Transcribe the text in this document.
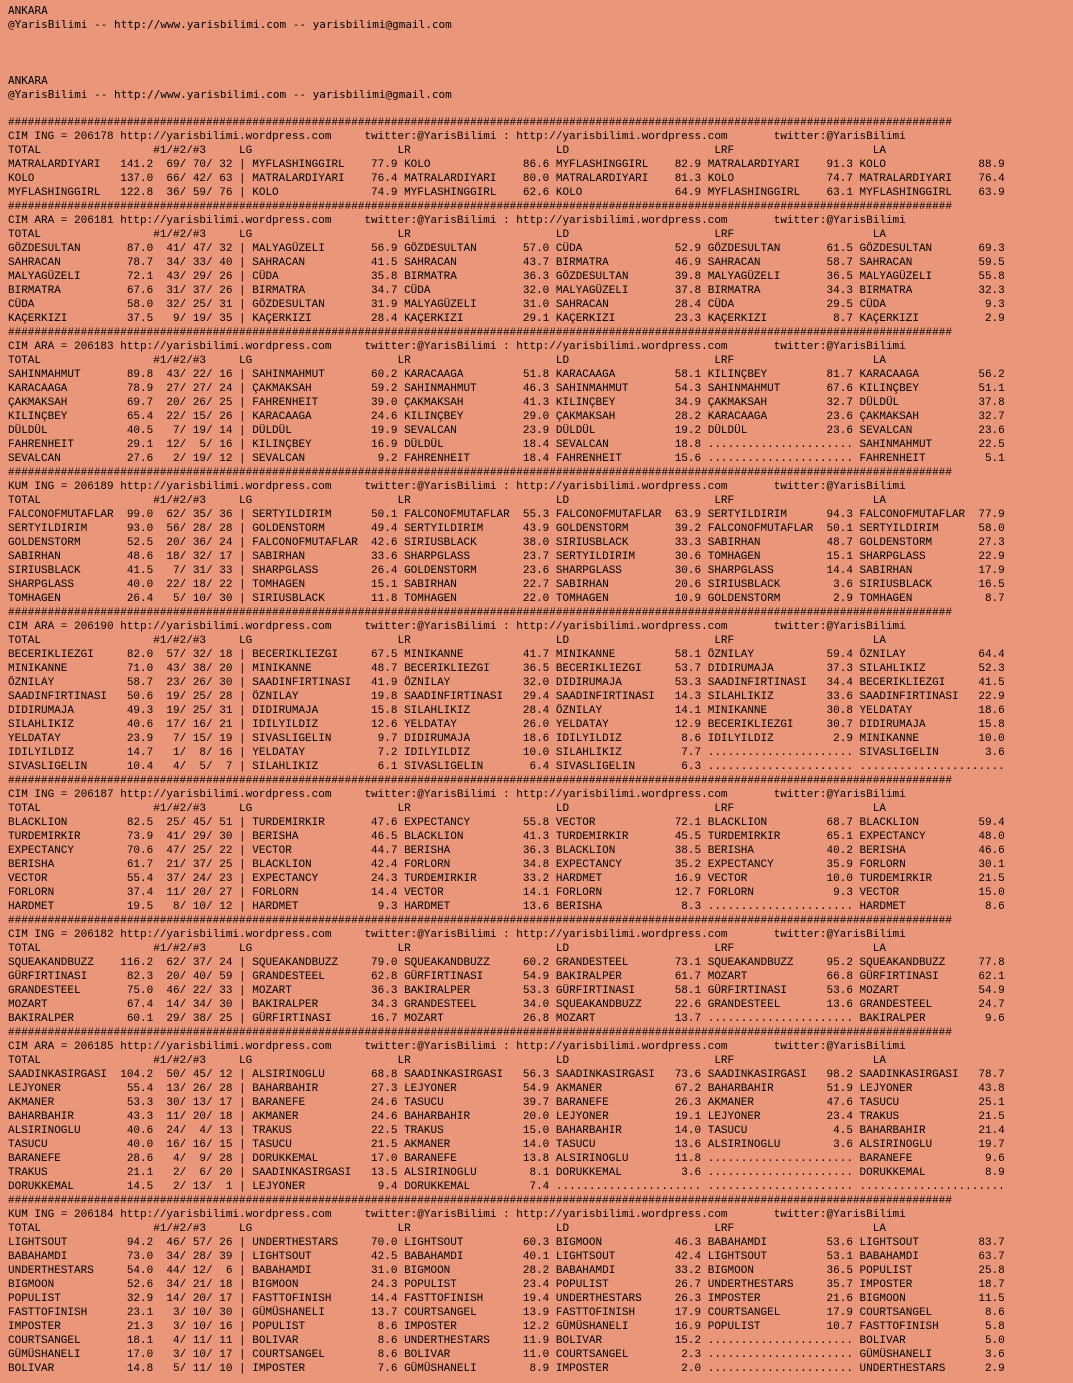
ANKARA
@YarisBilimi -- http://www.yarisbilimi.com -- yarisbilimi@gmail.com
ANKARA
@YarisBilimi -- http://www.yarisbilimi.com -- yarisbilimi@gmail.com
###############################################################################################################################################
CIM ING = 206178 http://yarisbilimi.wordpress.com     twitter:@YarisBilimi : http://yarisbilimi.wordpress.com       twitter:@YarisBilimi
TOTAL                 #1/#2/#3     LG                      LR                      LD                      LRF                     LA
MATRALARDIYARI   141.2  69/ 70/ 32 | MYFLASHINGGIRL    77.9 KOLO              86.6 MYFLASHINGGIRL    82.9 MATRALARDIYARI    91.3 KOLO              88.9
KOLO             137.0  66/ 42/ 63 | MATRALARDIYARI    76.4 MATRALARDIYARI    80.0 MATRALARDIYARI    81.3 KOLO              74.7 MATRALARDIYARI    76.4
MYFLASHINGGIRL   122.8  36/ 59/ 76 | KOLO              74.9 MYFLASHINGGIRL    62.6 KOLO              64.9 MYFLASHINGGIRL    63.1 MYFLASHINGGIRL    63.9
###############################################################################################################################################
CIM ARA = 206181 http://yarisbilimi.wordpress.com     twitter:@YarisBilimi : http://yarisbilimi.wordpress.com       twitter:@YarisBilimi
TOTAL                 #1/#2/#3     LG                      LR                      LD                      LRF                     LA
GÖZDESULTAN       87.0  41/ 47/ 32 | MALYAGÜZELI       56.9 GÖZDESULTAN       57.0 CÜDA              52.9 GÖZDESULTAN       61.5 GÖZDESULTAN       69.3
SAHRACAN          78.7  34/ 33/ 40 | SAHRACAN          41.5 SAHRACAN          43.7 BIRMATRA          46.9 SAHRACAN          58.7 SAHRACAN          59.5
MALYAGÜZELI       72.1  43/ 29/ 26 | CÜDA              35.8 BIRMATRA          36.3 GÖZDESULTAN       39.8 MALYAGÜZELI       36.5 MALYAGÜZELI       55.8
BIRMATRA          67.6  31/ 37/ 26 | BIRMATRA          34.7 CÜDA              32.0 MALYAGÜZELI       37.8 BIRMATRA          34.3 BIRMATRA          32.3
CÜDA              58.0  32/ 25/ 31 | GÖZDESULTAN       31.9 MALYAGÜZELI       31.0 SAHRACAN          28.4 CÜDA              29.5 CÜDA               9.3
KAÇERKIZI         37.5   9/ 19/ 35 | KAÇERKIZI         28.4 KAÇERKIZI         29.1 KAÇERKIZI         23.3 KAÇERKIZI          8.7 KAÇERKIZI          2.9
###############################################################################################################################################
CIM ARA = 206183 http://yarisbilimi.wordpress.com     twitter:@YarisBilimi : http://yarisbilimi.wordpress.com       twitter:@YarisBilimi
TOTAL                 #1/#2/#3     LG                      LR                      LD                      LRF                     LA
SAHINMAHMUT       89.8  43/ 22/ 16 | SAHINMAHMUT       60.2 KARACAAGA         51.8 KARACAAGA         58.1 KILINÇBEY         81.7 KARACAAGA         56.2
KARACAAGA         78.9  27/ 27/ 24 | ÇAKMAKSAH         59.2 SAHINMAHMUT       46.3 SAHINMAHMUT       54.3 SAHINMAHMUT       67.6 KILINÇBEY         51.1
ÇAKMAKSAH         69.7  20/ 26/ 25 | FAHRENHEIT        39.0 ÇAKMAKSAH         41.3 KILINÇBEY         34.9 ÇAKMAKSAH         32.7 DÜLDÜL            37.8
KILINÇBEY         65.4  22/ 15/ 26 | KARACAAGA         24.6 KILINÇBEY         29.0 ÇAKMAKSAH         28.2 KARACAAGA         23.6 ÇAKMAKSAH         32.7
DÜLDÜL            40.5   7/ 19/ 14 | DÜLDÜL            19.9 SEVALCAN          23.9 DÜLDÜL            19.2 DÜLDÜL            23.6 SEVALCAN          23.6
FAHRENHEIT        29.1  12/  5/ 16 | KILINÇBEY         16.9 DÜLDÜL            18.4 SEVALCAN          18.8 ...................... SAHINMAHMUT       22.5
SEVALCAN          27.6   2/ 19/ 12 | SEVALCAN           9.2 FAHRENHEIT        18.4 FAHRENHEIT        15.6 ...................... FAHRENHEIT         5.1
###############################################################################################################################################
KUM ING = 206189 http://yarisbilimi.wordpress.com     twitter:@YarisBilimi : http://yarisbilimi.wordpress.com       twitter:@YarisBilimi
TOTAL                 #1/#2/#3     LG                      LR                      LD                      LRF                     LA
FALCONOFMUTAFLAR  99.0  62/ 35/ 36 | SERTYILDIRIM      50.1 FALCONOFMUTAFLAR  55.3 FALCONOFMUTAFLAR  63.9 SERTYILDIRIM      94.3 FALCONOFMUTAFLAR  77.9
SERTYILDIRIM      93.0  56/ 28/ 28 | GOLDENSTORM       49.4 SERTYILDIRIM      43.9 GOLDENSTORM       39.2 FALCONOFMUTAFLAR  50.1 SERTYILDIRIM      58.0
GOLDENSTORM       52.5  20/ 36/ 24 | FALCONOFMUTAFLAR  42.6 SIRIUSBLACK       38.0 SIRIUSBLACK       33.3 SABIRHAN          48.7 GOLDENSTORM       27.3
SABIRHAN          48.6  18/ 32/ 17 | SABIRHAN          33.6 SHARPGLASS        23.7 SERTYILDIRIM      30.6 TOMHAGEN          15.1 SHARPGLASS        22.9
SIRIUSBLACK       41.5   7/ 31/ 33 | SHARPGLASS        26.4 GOLDENSTORM       23.6 SHARPGLASS        30.6 SHARPGLASS        14.4 SABIRHAN          17.9
SHARPGLASS        40.0  22/ 18/ 22 | TOMHAGEN          15.1 SABIRHAN          22.7 SABIRHAN          20.6 SIRIUSBLACK        3.6 SIRIUSBLACK       16.5
TOMHAGEN          26.4   5/ 10/ 30 | SIRIUSBLACK       11.8 TOMHAGEN          22.0 TOMHAGEN          10.9 GOLDENSTORM        2.9 TOMHAGEN           8.7
###############################################################################################################################################
CIM ARA = 206190 http://yarisbilimi.wordpress.com     twitter:@YarisBilimi : http://yarisbilimi.wordpress.com       twitter:@YarisBilimi
TOTAL                 #1/#2/#3     LG                      LR                      LD                      LRF                     LA
BECERIKLIEZGI     82.0  57/ 32/ 18 | BECERIKLIEZGI     67.5 MINIKANNE         41.7 MINIKANNE         58.1 ÖZNILAY           59.4 ÖZNILAY           64.4
MINIKANNE         71.0  43/ 38/ 20 | MINIKANNE         48.7 BECERIKLIEZGI     36.5 BECERIKLIEZGI     53.7 DIDIRUMAJA        37.3 SILAHLIKIZ        52.3
ÖZNILAY           58.7  23/ 26/ 30 | SAADINFIRTINASI   41.9 ÖZNILAY           32.0 DIDIRUMAJA        53.3 SAADINFIRTINASI   34.4 BECERIKLIEZGI     41.5
SAADINFIRTINASI   50.6  19/ 25/ 28 | ÖZNILAY           19.8 SAADINFIRTINASI   29.4 SAADINFIRTINASI   14.3 SILAHLIKIZ        33.6 SAADINFIRTINASI   22.9
DIDIRUMAJA        49.3  19/ 25/ 31 | DIDIRUMAJA        15.8 SILAHLIKIZ        28.4 ÖZNILAY           14.1 MINIKANNE         30.8 YELDATAY          18.6
SILAHLIKIZ        40.6  17/ 16/ 21 | IDILYILDIZ        12.6 YELDATAY          26.0 YELDATAY          12.9 BECERIKLIEZGI     30.7 DIDIRUMAJA        15.8
YELDATAY          23.9   7/ 15/ 19 | SIVASLIGELIN       9.7 DIDIRUMAJA        18.6 IDILYILDIZ         8.6 IDILYILDIZ         2.9 MINIKANNE         10.0
IDILYILDIZ        14.7   1/  8/ 16 | YELDATAY           7.2 IDILYILDIZ        10.0 SILAHLIKIZ         7.7 ...................... SIVASLIGELIN       3.6
SIVASLIGELIN      10.4   4/  5/  7 | SILAHLIKIZ         6.1 SIVASLIGELIN       6.4 SIVASLIGELIN       6.3 ...................... ......................
###############################################################################################################################################
CIM ING = 206187 http://yarisbilimi.wordpress.com     twitter:@YarisBilimi : http://yarisbilimi.wordpress.com       twitter:@YarisBilimi
TOTAL                 #1/#2/#3     LG                      LR                      LD                      LRF                     LA
BLACKLION         82.5  25/ 45/ 51 | TURDEMIRKIR       47.6 EXPECTANCY        55.8 VECTOR            72.1 BLACKLION         68.7 BLACKLION         59.4
TURDEMIRKIR       73.9  41/ 29/ 30 | BERISHA           46.5 BLACKLION         41.3 TURDEMIRKIR       45.5 TURDEMIRKIR       65.1 EXPECTANCY        48.0
EXPECTANCY        70.6  47/ 25/ 22 | VECTOR            44.7 BERISHA           36.3 BLACKLION         38.5 BERISHA           40.2 BERISHA           46.6
BERISHA           61.7  21/ 37/ 25 | BLACKLION         42.4 FORLORN           34.8 EXPECTANCY        35.2 EXPECTANCY        35.9 FORLORN           30.1
VECTOR            55.4  37/ 24/ 23 | EXPECTANCY        24.3 TURDEMIRKIR       33.2 HARDMET           16.9 VECTOR            10.0 TURDEMIRKIR       21.5
FORLORN           37.4  11/ 20/ 27 | FORLORN           14.4 VECTOR            14.1 FORLORN           12.7 FORLORN            9.3 VECTOR            15.0
HARDMET           19.5   8/ 10/ 12 | HARDMET            9.3 HARDMET           13.6 BERISHA            8.3 ...................... HARDMET            8.6
###############################################################################################################################################
CIM ING = 206182 http://yarisbilimi.wordpress.com     twitter:@YarisBilimi : http://yarisbilimi.wordpress.com       twitter:@YarisBilimi
TOTAL                 #1/#2/#3     LG                      LR                      LD                      LRF                     LA
SQUEAKANDBUZZ    116.2  62/ 37/ 24 | SQUEAKANDBUZZ     79.0 SQUEAKANDBUZZ     60.2 GRANDESTEEL       73.1 SQUEAKANDBUZZ     95.2 SQUEAKANDBUZZ     77.8
GÜRFIRTINASI      82.3  20/ 40/ 59 | GRANDESTEEL       62.8 GÜRFIRTINASI      54.9 BAKIRALPER        61.7 MOZART            66.8 GÜRFIRTINASI      62.1
GRANDESTEEL       75.0  46/ 22/ 33 | MOZART            36.3 BAKIRALPER        53.3 GÜRFIRTINASI      58.1 GÜRFIRTINASI      53.6 MOZART            54.9
MOZART            67.4  14/ 34/ 30 | BAKIRALPER        34.3 GRANDESTEEL       34.0 SQUEAKANDBUZZ     22.6 GRANDESTEEL       13.6 GRANDESTEEL       24.7
BAKIRALPER        60.1  29/ 38/ 25 | GÜRFIRTINASI      16.7 MOZART            26.8 MOZART            13.7 ...................... BAKIRALPER         9.6
###############################################################################################################################################
CIM ARA = 206185 http://yarisbilimi.wordpress.com     twitter:@YarisBilimi : http://yarisbilimi.wordpress.com       twitter:@YarisBilimi
TOTAL                 #1/#2/#3     LG                      LR                      LD                      LRF                     LA
SAADINKASIRGASI  104.2  50/ 45/ 12 | ALSIRINOGLU       68.8 SAADINKASIRGASI   56.3 SAADINKASIRGASI   73.6 SAADINKASIRGASI   98.2 SAADINKASIRGASI   78.7
LEJYONER          55.4  13/ 26/ 28 | BAHARBAHIR        27.3 LEJYONER          54.9 AKMANER           67.2 BAHARBAHIR        51.9 LEJYONER          43.8
AKMANER           53.3  30/ 13/ 17 | BARANEFE          24.6 TASUCU            39.7 BARANEFE          26.3 AKMANER           47.6 TASUCU            25.1
BAHARBAHIR        43.3  11/ 20/ 18 | AKMANER           24.6 BAHARBAHIR        20.0 LEJYONER          19.1 LEJYONER          23.4 TRAKUS            21.5
ALSIRINOGLU       40.6  24/  4/ 13 | TRAKUS            22.5 TRAKUS            15.0 BAHARBAHIR        14.0 TASUCU             4.5 BAHARBAHIR        21.4
TASUCU            40.0  16/ 16/ 15 | TASUCU            21.5 AKMANER           14.0 TASUCU            13.6 ALSIRINOGLU        3.6 ALSIRINOGLU       19.7
BARANEFE          28.6   4/  9/ 28 | DORUKKEMAL        17.0 BARANEFE          13.8 ALSIRINOGLU       11.8 ...................... BARANEFE           9.6
TRAKUS            21.1   2/  6/ 20 | SAADINKASIRGASI   13.5 ALSIRINOGLU        8.1 DORUKKEMAL         3.6 ...................... DORUKKEMAL         8.9
DORUKKEMAL        14.5   2/ 13/  1 | LEJYONER           9.4 DORUKKEMAL         7.4 ...................... ...................... ......................
###############################################################################################################################################
KUM ING = 206184 http://yarisbilimi.wordpress.com     twitter:@YarisBilimi : http://yarisbilimi.wordpress.com       twitter:@YarisBilimi
TOTAL                 #1/#2/#3     LG                      LR                      LD                      LRF                     LA
LIGHTSOUT         94.2  46/ 57/ 26 | UNDERTHESTARS     70.0 LIGHTSOUT         60.3 BIGMOON           46.3 BABAHAMDI         53.6 LIGHTSOUT         83.7
BABAHAMDI         73.0  34/ 28/ 39 | LIGHTSOUT         42.5 BABAHAMDI         40.1 LIGHTSOUT         42.4 LIGHTSOUT         53.1 BABAHAMDI         63.7
UNDERTHESTARS     54.0  44/ 12/  6 | BABAHAMDI         31.0 BIGMOON           28.2 BABAHAMDI         33.2 BIGMOON           36.5 POPULIST          25.8
BIGMOON           52.6  34/ 21/ 18 | BIGMOON           24.3 POPULIST          23.4 POPULIST          26.7 UNDERTHESTARS     35.7 IMPOSTER          18.7
POPULIST          32.9  14/ 20/ 17 | FASTTOFINISH      14.4 FASTTOFINISH      19.4 UNDERTHESTARS     26.3 IMPOSTER          21.6 BIGMOON           11.5
FASTTOFINISH      23.1   3/ 10/ 30 | GÜMÜSHANELI       13.7 COURTSANGEL       13.9 FASTTOFINISH      17.9 COURTSANGEL       17.9 COURTSANGEL        8.6
IMPOSTER          21.3   3/ 10/ 16 | POPULIST           8.6 IMPOSTER          12.2 GÜMÜSHANELI       16.9 POPULIST          10.7 FASTTOFINISH       5.8
COURTSANGEL       18.1   4/ 11/ 11 | BOLIVAR            8.6 UNDERTHESTARS     11.9 BOLIVAR           15.2 ...................... BOLIVAR            5.0
GÜMÜSHANELI       17.0   3/ 10/ 17 | COURTSANGEL        8.6 BOLIVAR           11.0 COURTSANGEL        2.3 ...................... GÜMÜSHANELI        3.6
BOLIVAR           14.8   5/ 11/ 10 | IMPOSTER           7.6 GÜMÜSHANELI        8.9 IMPOSTER           2.0 ...................... UNDERTHESTARS      2.9
